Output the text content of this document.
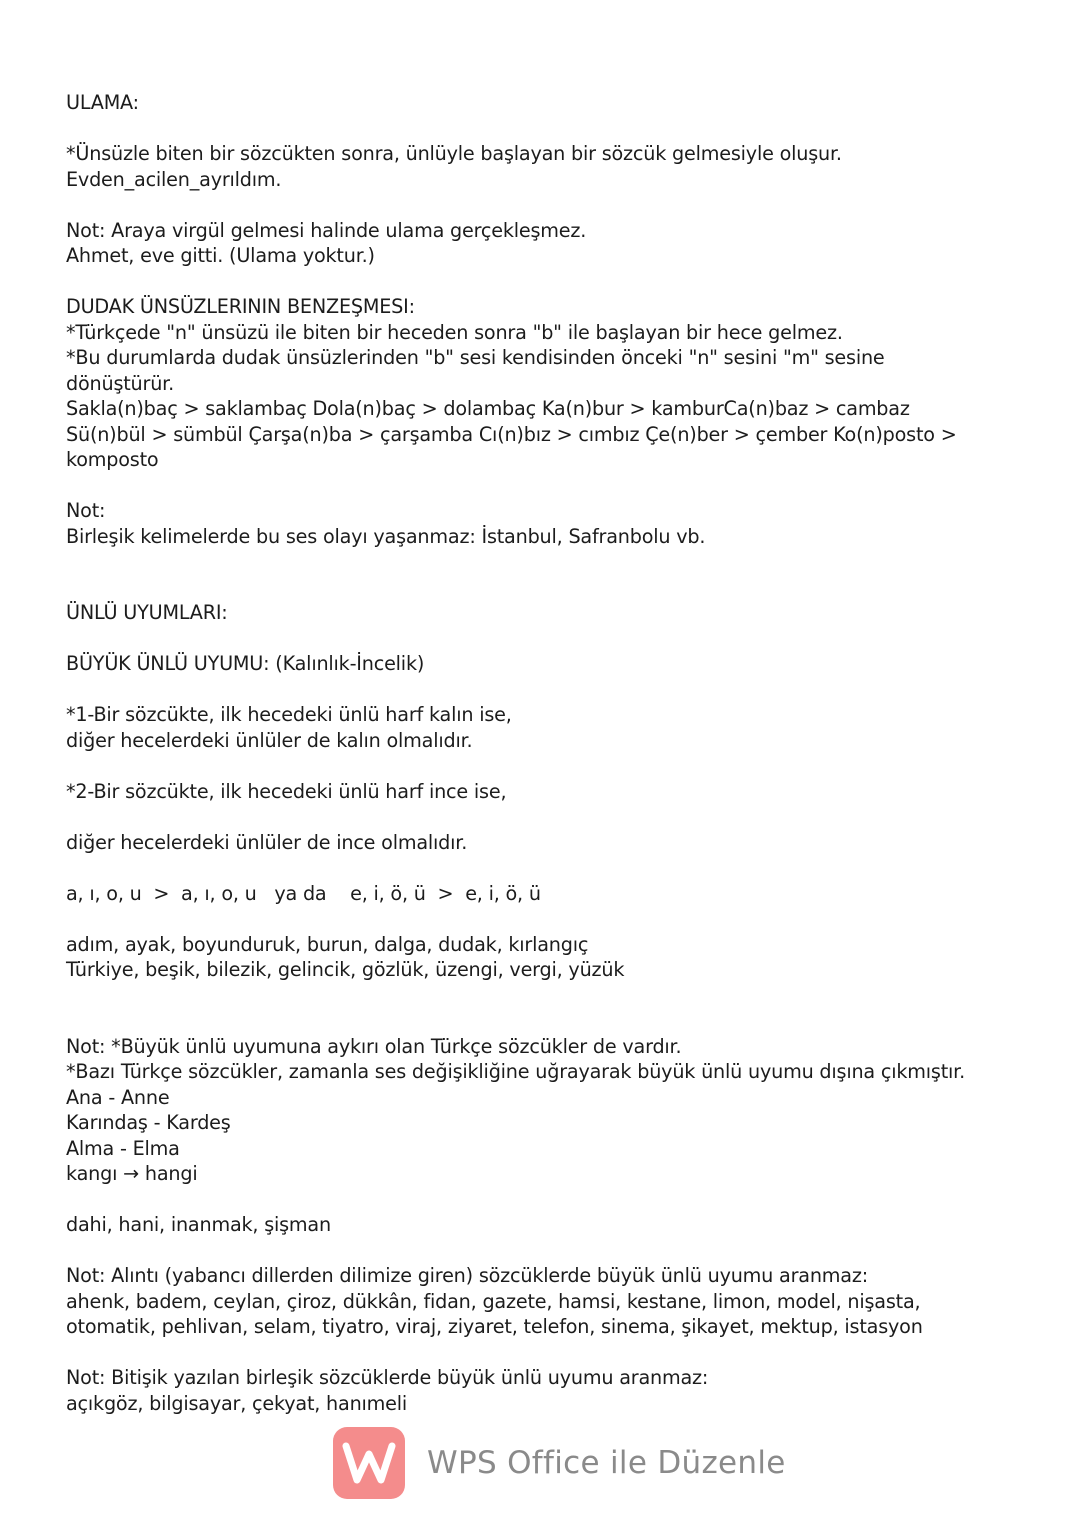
ULAMA:
*Ünsüzle biten bir sözcükten sonra, ünlüyle başlayan bir sözcük gelmesiyle oluşur.
Evden_acilen_ayrıldım.
Not: Araya virgül gelmesi halinde ulama gerçekleşmez.
Ahmet, eve gitti. (Ulama yoktur.)
DUDAK ÜNSÜZLERININ BENZEŞMESI:
*Türkçede "n" ünsüzü ile biten bir heceden sonra "b" ile başlayan bir hece gelmez.
*Bu durumlarda dudak ünsüzlerinden "b" sesi kendisinden önceki "n" sesini "m" sesine
dönüştürür.
Sakla(n)baç > saklambaç Dola(n)baç > dolambaç Ka(n)bur > kamburCa(n)baz > cambaz
Sü(n)bül > sümbül Çarşa(n)ba > çarşamba Cı(n)bız > cımbız Çe(n)ber > çember Ko(n)posto >
komposto
Not:
Birleşik kelimelerde bu ses olayı yaşanmaz: İstanbul, Safranbolu vb.
ÜNLÜ UYUMLARI:
BÜYÜK ÜNLÜ UYUMU: (Kalınlık-İncelik)
*1-Bir sözcükte, ilk hecedeki ünlü harf kalın ise,
diğer hecelerdeki ünlüler de kalın olmalıdır.
*2-Bir sözcükte, ilk hecedeki ünlü harf ince ise,
diğer hecelerdeki ünlüler de ince olmalıdır.
a, ı, o, u  >  a, ı, o, u   ya da    e, i, ö, ü  >  e, i, ö, ü
adım, ayak, boyunduruk, burun, dalga, dudak, kırlangıç
Türkiye, beşik, bilezik, gelincik, gözlük, üzengi, vergi, yüzük
Not: *Büyük ünlü uyumuna aykırı olan Türkçe sözcükler de vardır.
*Bazı Türkçe sözcükler, zamanla ses değişikliğine uğrayarak büyük ünlü uyumu dışına çıkmıştır.
Ana - Anne
Karındaş - Kardeş
Alma - Elma
kangı → hangi
dahi, hani, inanmak, şişman
Not: Alıntı (yabancı dillerden dilimize giren) sözcüklerde büyük ünlü uyumu aranmaz:
ahenk, badem, ceylan, çiroz, dükkân, fidan, gazete, hamsi, kestane, limon, model, nişasta,
otomatik, pehlivan, selam, tiyatro, viraj, ziyaret, telefon, sinema, şikayet, mektup, istasyon
Not: Bitişik yazılan birleşik sözcüklerde büyük ünlü uyumu aranmaz:
açıkgöz, bilgisayar, çekyat, hanımeli
WPS Office ile Düzenle
